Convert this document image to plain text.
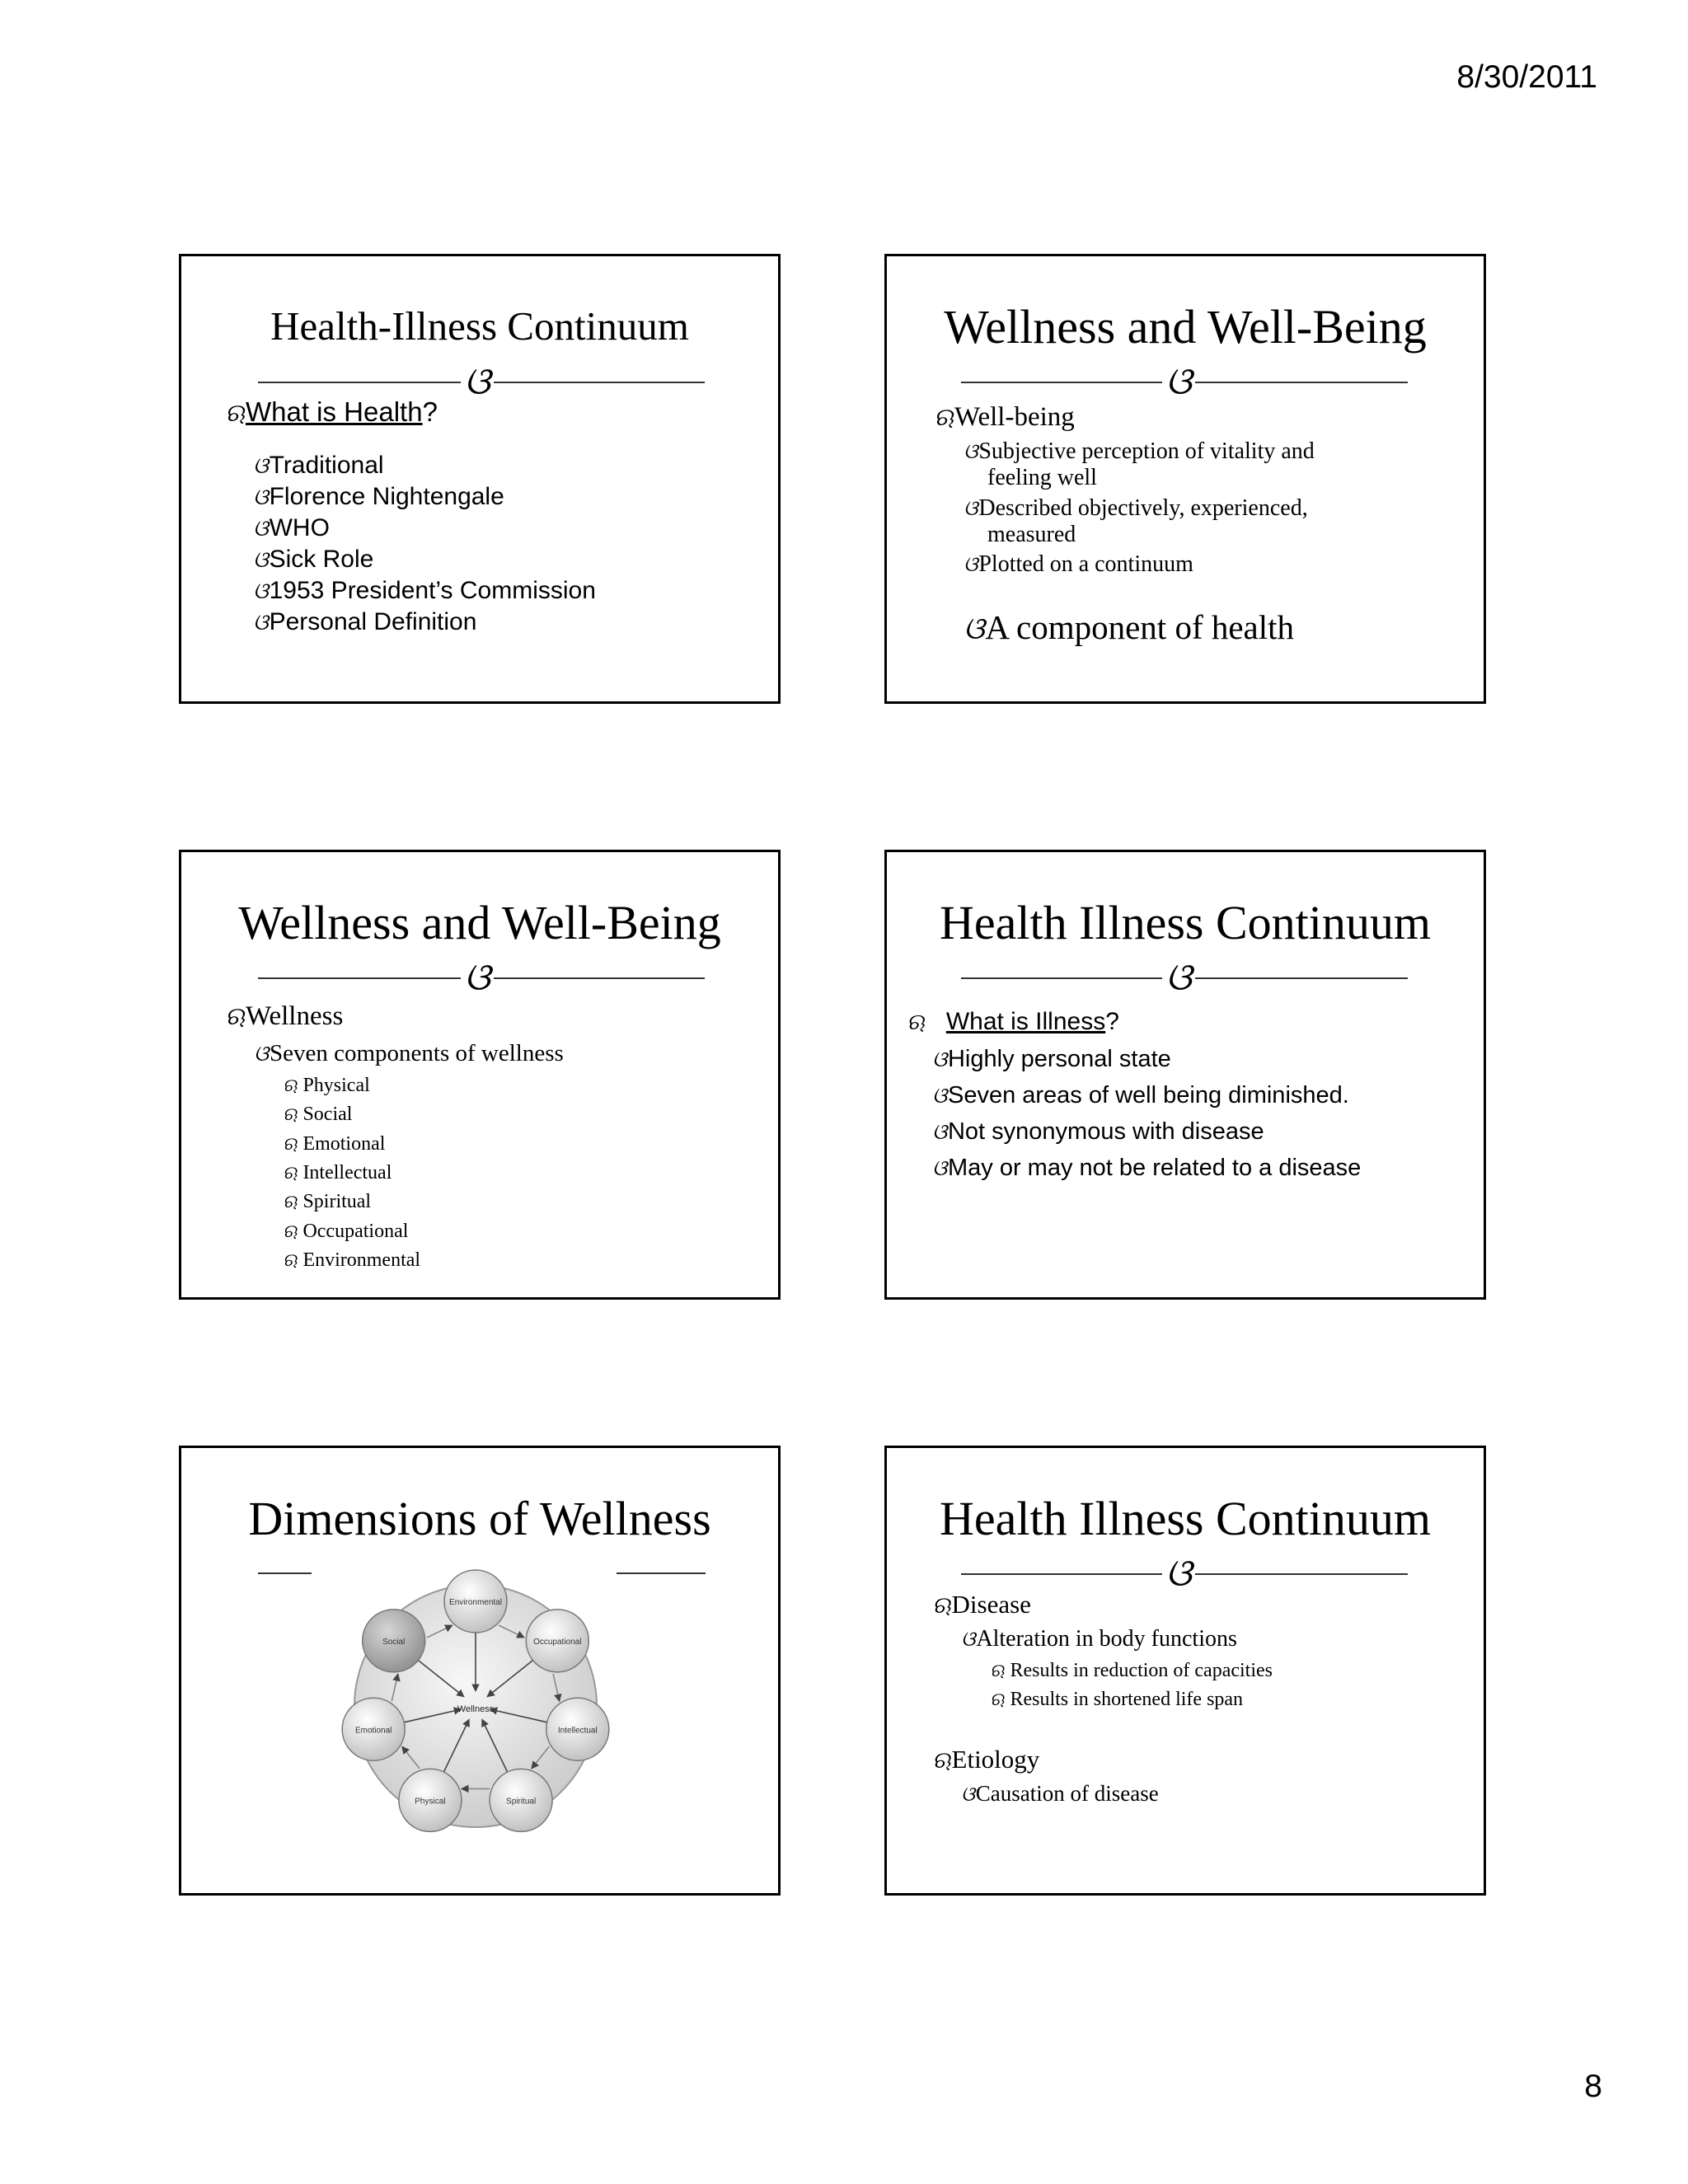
8/30/2011
Health-Illness Continuum
ଓ
ଋWhat is Health?
ଓTraditional
ଓFlorence Nightengale
ଓWHO
ଓSick Role
ଓ1953 President’s Commission
ଓPersonal Definition
Wellness and Well-Being
ଓ
ଋWell-being
ଓSubjective perception of vitality and
feeling well
ଓDescribed objectively, experienced,
measured
ଓPlotted on a continuum
ଓA component of health
Wellness and Well-Being
ଓ
ଋWellness
ଓSeven components of wellness
ଋ Physical
ଋ Social
ଋ Emotional
ଋ Intellectual
ଋ Spiritual
ଋ Occupational
ଋ Environmental
Health Illness Continuum
ଓ
ଋ What is Illness?
ଓHighly personal state
ଓSeven areas of well being diminished.
ଓNot synonymous with disease
ଓMay or may not be related to a disease
Dimensions of Wellness
Environmental
Occupational
Intellectual
Spiritual
Physical
Emotional
Social
Wellness
Health Illness Continuum
ଓ
ଋDisease
ଓAlteration in body functions
ଋ Results in reduction of capacities
ଋ Results in shortened life span
ଋEtiology
ଓCausation of disease
8
